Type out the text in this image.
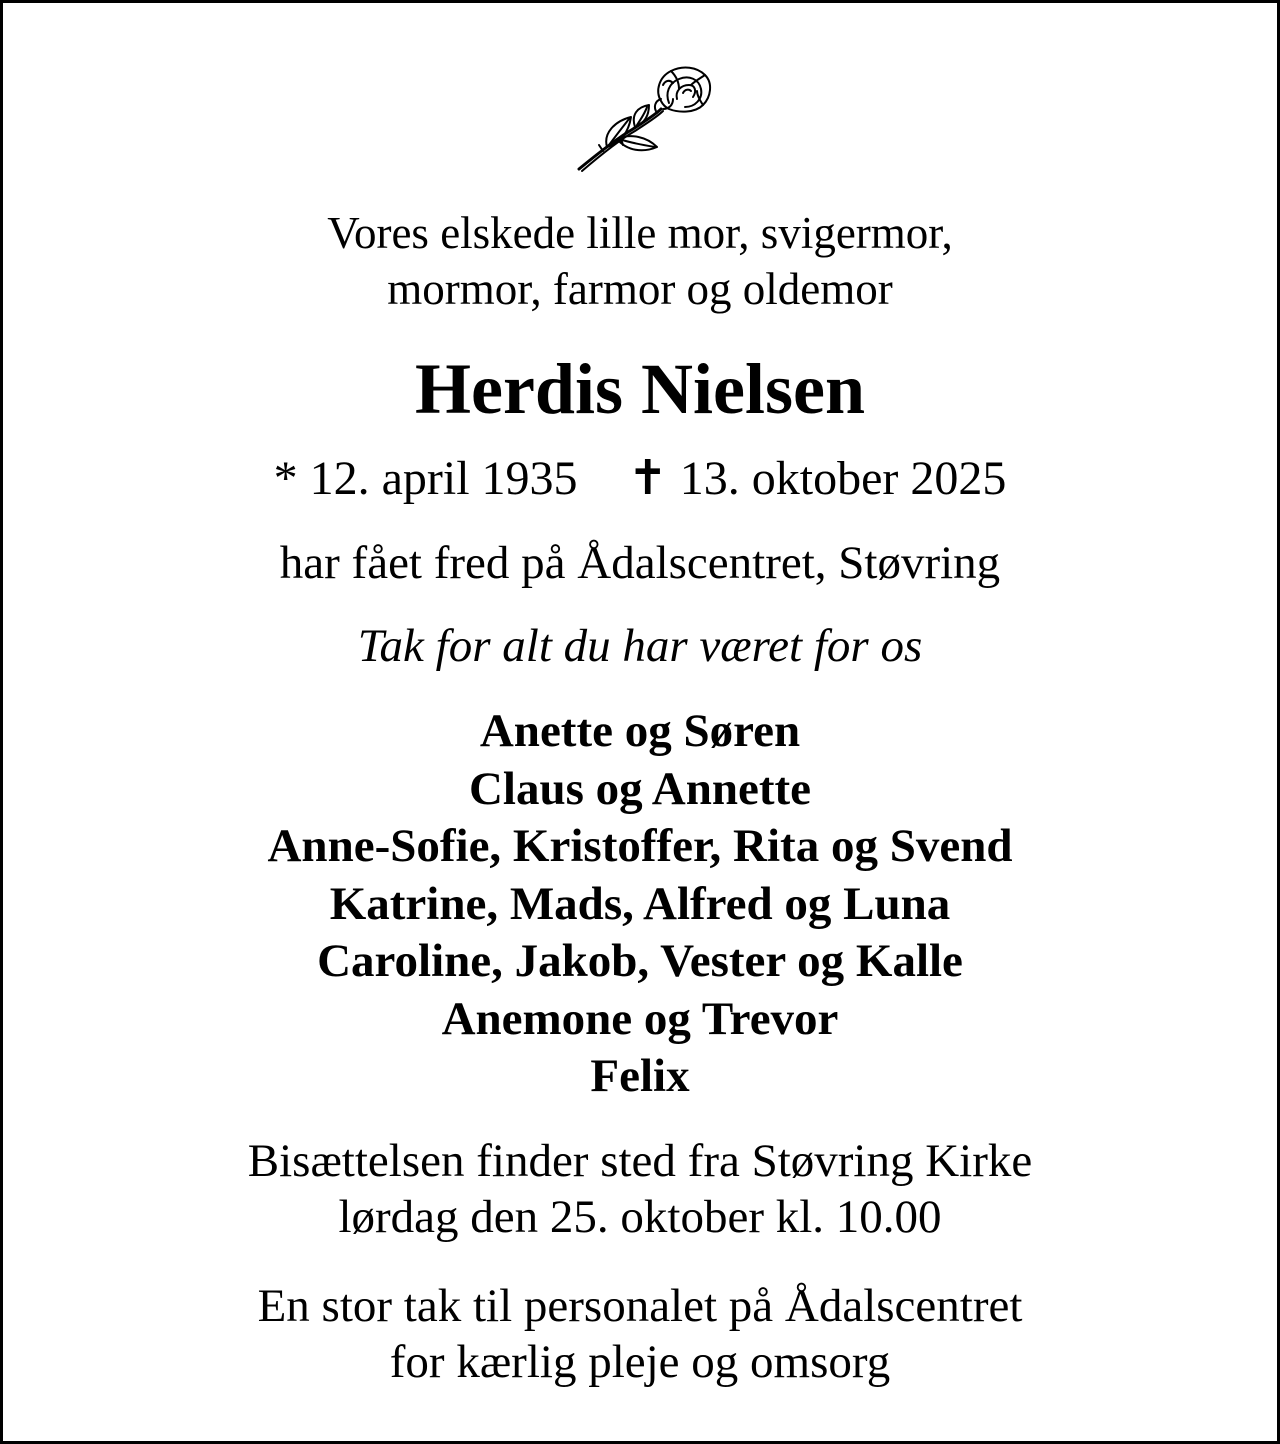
Vores elskede lille mor, svigermor,
mormor, farmor og oldemor

Herdis Nielsen

* 12. april 1935 ✝ 13. oktober 2025

har fået fred på Ådalscentret, Støvring

Tak for alt du har været for os

Anette og Søren
Claus og Annette
Anne-Sofie, Kristoffer, Rita og Svend
Katrine, Mads, Alfred og Luna
Caroline, Jakob, Vester og Kalle
Anemone og Trevor
Felix

Bisættelsen finder sted fra Støvring Kirke
lørdag den 25. oktober kl. 10.00

En stor tak til personalet på Ådalscentret
for kærlig pleje og omsorg
